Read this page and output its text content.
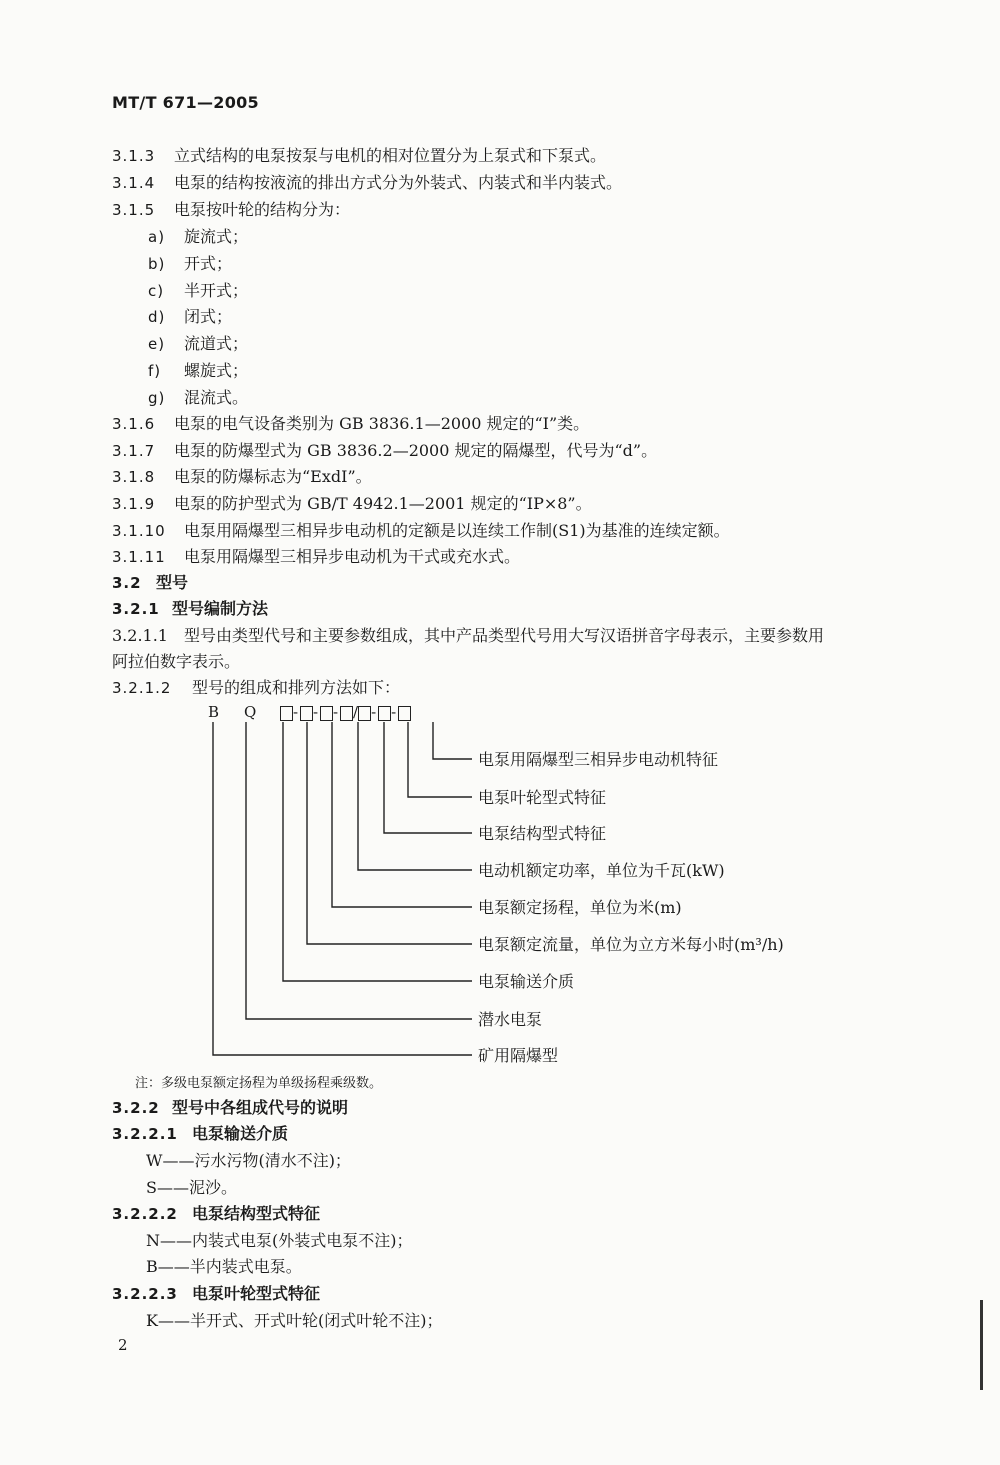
MT/T 671—2005
3.1.3 立式结构的电泵按泵与电机的相对位置分为上泵式和下泵式。
3.1.4 电泵的结构按液流的排出方式分为外装式、内装式和半内装式。
3.1.5 电泵按叶轮的结构分为：
a) 旋流式；
b) 开式；
c) 半开式；
d) 闭式；
e) 流道式；
f) 螺旋式；
g) 混流式。
3.1.6 电泵的电气设备类别为 GB 3836.1—2000 规定的“I”类。
3.1.7 电泵的防爆型式为 GB 3836.2—2000 规定的隔爆型，代号为“d”。
3.1.8 电泵的防爆标志为“ExdI”。
3.1.9 电泵的防护型式为 GB/T 4942.1—2001 规定的“IP×8”。
3.1.10 电泵用隔爆型三相异步电动机的定额是以连续工作制(S1)为基准的连续定额。
3.1.11 电泵用隔爆型三相异步电动机为干式或充水式。
3.2 型号
3.2.1 型号编制方法
3.2.1.1　型号由类型代号和主要参数组成，其中产品类型代号用大写汉语拼音字母表示，主要参数用
阿拉伯数字表示。
3.2.1.2 型号的组成和排列方法如下：
B Q - - - / - -
电泵用隔爆型三相异步电动机特征
电泵叶轮型式特征
电泵结构型式特征
电动机额定功率，单位为千瓦(kW)
电泵额定扬程，单位为米(m)
电泵额定流量，单位为立方米每小时(m³/h)
电泵输送介质
潜水电泵
矿用隔爆型
注：多级电泵额定扬程为单级扬程乘级数。
3.2.2 型号中各组成代号的说明
3.2.2.1 电泵输送介质
W——污水污物(清水不注)；
S——泥沙。
3.2.2.2 电泵结构型式特征
N——内装式电泵(外装式电泵不注)；
B——半内装式电泵。
3.2.2.3 电泵叶轮型式特征
K——半开式、开式叶轮(闭式叶轮不注)；
2
